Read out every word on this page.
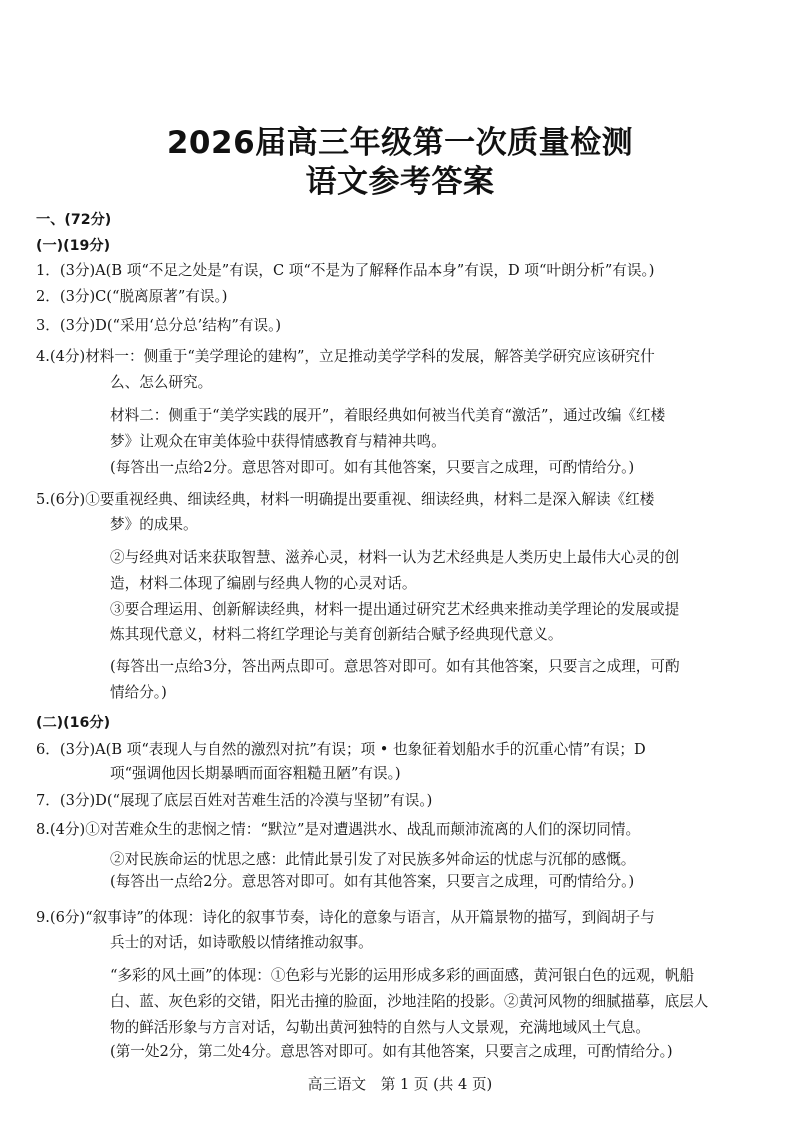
2026届高三年级第一次质量检测
语文参考答案
一、(72分)
(一)(19分)
1．(3分)A(B 项“不足之处是”有误，C 项“不是为了解释作品本身”有误，D 项“叶朗分析”有误。)
2．(3分)C(“脱离原著”有误。)
3．(3分)D(“采用‘总分总’结构”有误。)
4.(4分)材料一：侧重于“美学理论的建构”，立足推动美学学科的发展，解答美学研究应该研究什
么、怎么研究。
材料二：侧重于“美学实践的展开”，着眼经典如何被当代美育“激活”，通过改编《红楼
梦》让观众在审美体验中获得情感教育与精神共鸣。
(每答出一点给2分。意思答对即可。如有其他答案，只要言之成理，可酌情给分。)
5.(6分)①要重视经典、细读经典，材料一明确提出要重视、细读经典，材料二是深入解读《红楼
梦》的成果。
②与经典对话来获取智慧、滋养心灵，材料一认为艺术经典是人类历史上最伟大心灵的创
造，材料二体现了编剧与经典人物的心灵对话。
③要合理运用、创新解读经典，材料一提出通过研究艺术经典来推动美学理论的发展或提
炼其现代意义，材料二将红学理论与美育创新结合赋予经典现代意义。
(每答出一点给3分，答出两点即可。意思答对即可。如有其他答案，只要言之成理，可酌
情给分。)
(二)(16分)
6．(3分)A(B 项“表现人与自然的激烈对抗”有误；项 • 也象征着划船水手的沉重心情”有误；D
项“强调他因长期暴晒而面容粗糙丑陋”有误。)
7．(3分)D(“展现了底层百姓对苦难生活的冷漠与坚韧”有误。)
8.(4分)①对苦难众生的悲悯之情：“默泣”是对遭遇洪水、战乱而颠沛流离的人们的深切同情。
②对民族命运的忧思之感：此情此景引发了对民族多舛命运的忧虑与沉郁的感慨。
(每答出一点给2分。意思答对即可。如有其他答案，只要言之成理，可酌情给分。)
9.(6分)“叙事诗”的体现：诗化的叙事节奏，诗化的意象与语言，从开篇景物的描写，到阎胡子与
兵士的对话，如诗歌般以情绪推动叙事。
“多彩的风土画”的体现：①色彩与光影的运用形成多彩的画面感，黄河银白色的远观，帆船
白、蓝、灰色彩的交错，阳光击撞的脸面，沙地洼陷的投影。②黄河风物的细腻描摹，底层人
物的鲜活形象与方言对话，勾勒出黄河独特的自然与人文景观，充满地域风土气息。
(第一处2分，第二处4分。意思答对即可。如有其他答案，只要言之成理，可酌情给分。)
高三语文　第 1 页 (共 4 页)
